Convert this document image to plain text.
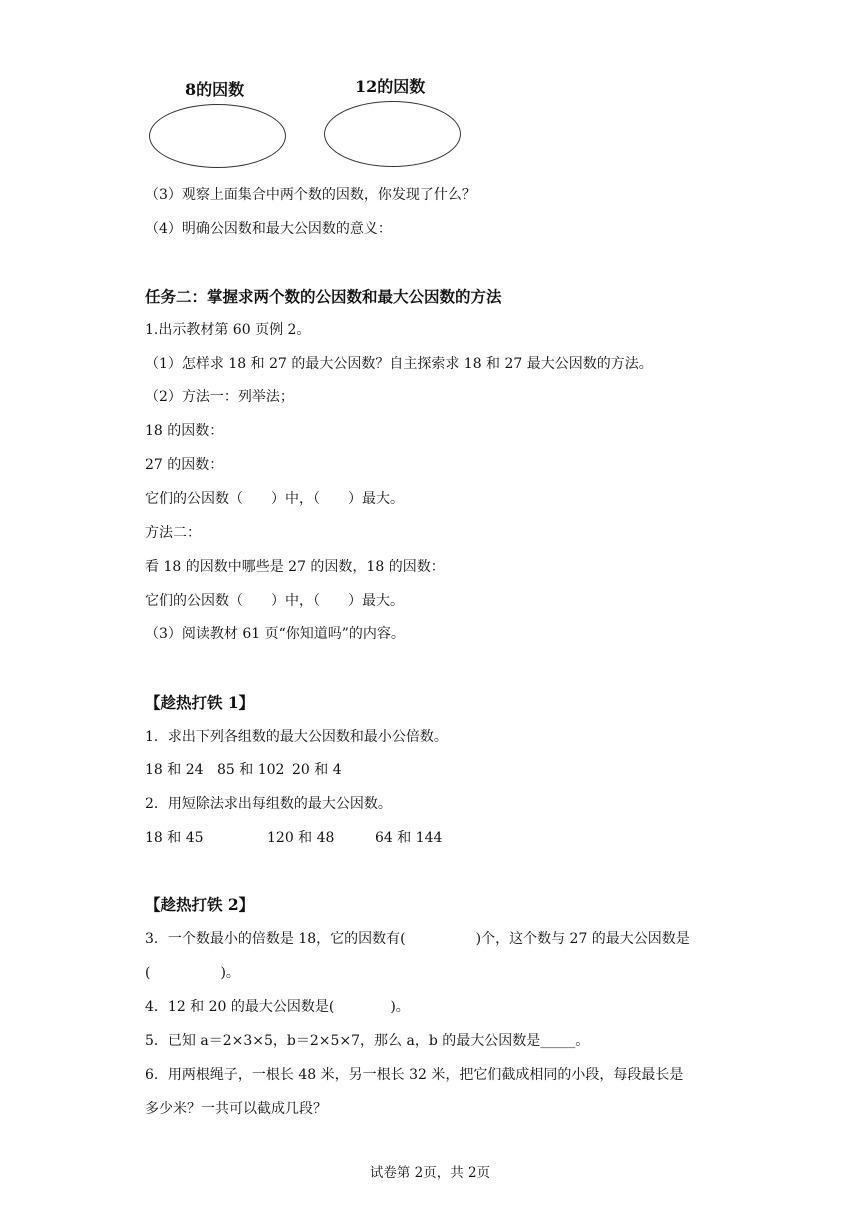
8的因数	12的因数
（3）观察上面集合中两个数的因数，你发现了什么？
（4）明确公因数和最大公因数的意义：
任务二：掌握求两个数的公因数和最大公因数的方法
1.出示教材第 60 页例 2。
（1）怎样求 18 和 27 的最大公因数？自主探索求 18 和 27 最大公因数的方法。
（2）方法一：列举法；
18 的因数：
27 的因数：
它们的公因数（　　）中，（　　）最大。
方法二：
看 18 的因数中哪些是 27 的因数，18 的因数：
它们的公因数（　　）中，（　　）最大。
（3）阅读教材 61 页“你知道吗”的内容。
【趁热打铁 1】
1．求出下列各组数的最大公因数和最小公倍数。
18 和 24 85 和 102 20 和 4
2．用短除法求出每组数的最大公因数。
18 和 45	120 和 48	64 和 144
【趁热打铁 2】
3．一个数最小的倍数是 18，它的因数有(　　　　　)个，这个数与 27 的最大公因数是
(　　　　　)。
4．12 和 20 的最大公因数是(　　　　)。
5．已知 a＝2×3×5，b＝2×5×7，那么 a，b 的最大公因数是_____。
6．用两根绳子，一根长 48 米，另一根长 32 米，把它们截成相同的小段，每段最长是
多少米？一共可以截成几段？
试卷第 2页，共 2页
